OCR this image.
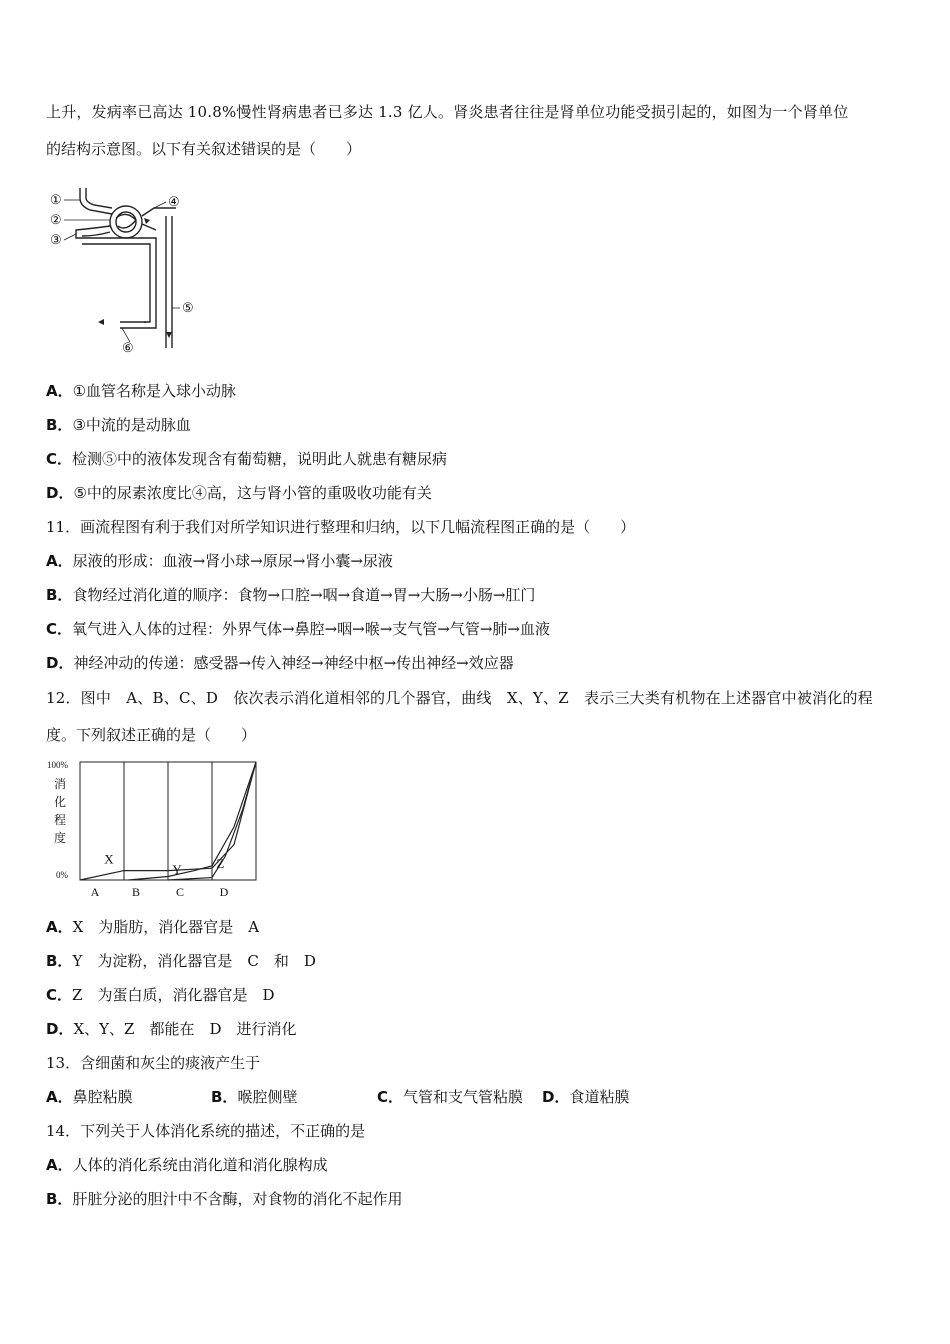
上升，发病率已高达 10.8%慢性肾病患者已多达 1.3 亿人。肾炎患者往往是肾单位功能受损引起的，如图为一个肾单位
的结构示意图。以下有关叙述错误的是（　　）
①
②
③
④
⑤
⑥
A．①血管名称是入球小动脉
B．③中流的是动脉血
C．检测⑤中的液体发现含有葡萄糖，说明此人就患有糖尿病
D．⑤中的尿素浓度比④高，这与肾小管的重吸收功能有关
11．画流程图有利于我们对所学知识进行整理和归纳，以下几幅流程图正确的是（　　）
A．尿液的形成：血液→肾小球→原尿→肾小囊→尿液
B．食物经过消化道的顺序：食物→口腔→咽→食道→胃→大肠→小肠→肛门
C．氧气进入人体的过程：外界气体→鼻腔→咽→喉→支气管→气管→肺→血液
D．神经冲动的传递：感受器→传入神经→神经中枢→传出神经→效应器
12．图中　A、B、C、D　依次表示消化道相邻的几个器官，曲线　X、Y、Z　表示三大类有机物在上述器官中被消化的程
度。下列叙述正确的是（　　）
100%
0%
消
化
程
度
A	B	C	D
X
Y	Z
A．X　为脂肪，消化器官是　A
B．Y　为淀粉，消化器官是　C　和　D
C．Z　为蛋白质，消化器官是　D
D．X、Y、Z　都能在　D　进行消化
13．含细菌和灰尘的痰液产生于
A．鼻腔粘膜	B．喉腔侧壁	C．气管和支气管粘膜 D．食道粘膜
14．下列关于人体消化系统的描述，不正确的是
A．人体的消化系统由消化道和消化腺构成
B．肝脏分泌的胆汁中不含酶，对食物的消化不起作用
